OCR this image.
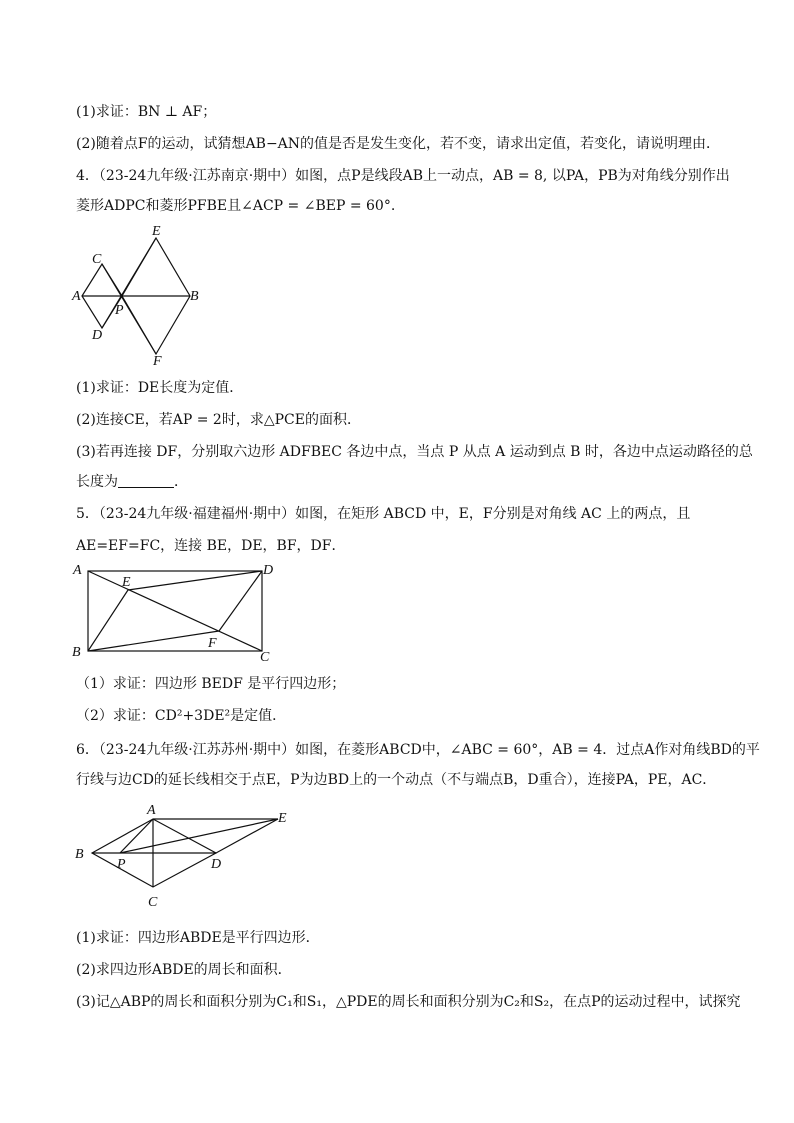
(1)求证：BN ⊥ AF；
(2)随着点F的运动，试猜想AB−AN的值是否是发生变化，若不变，请求出定值，若变化，请说明理由．
4．（23-24九年级·江苏南京·期中）如图，点P是线段AB上一动点，AB = 8, 以PA，PB为对角线分别作出
菱形ADPC和菱形PFBE且∠ACP = ∠BEP = 60°.
E
C
A
P
B
D
F
(1)求证：DE长度为定值．
(2)连接CE，若AP = 2时，求△PCE的面积．
(3)若再连接 DF，分别取六边形 ADFBEC 各边中点，当点 P 从点 A 运动到点 B 时，各边中点运动路径的总
长度为	．
5．（23-24九年级·福建福州·期中）如图，在矩形 ABCD 中，E，F分别是对角线 AC 上的两点，且
AE=EF=FC，连接 BE，DE，BF，DF．
A
E
D
F
B	C
（1）求证：四边形 BEDF 是平行四边形；
（2）求证：CD²+3DE²是定值．
6．（23-24九年级·江苏苏州·期中）如图，在菱形ABCD中，∠ABC = 60°，AB = 4．过点A作对角线BD的平
行线与边CD的延长线相交于点E，P为边BD上的一个动点（不与端点B，D重合），连接PA，PE，AC．
A
E
B
P	D
C
(1)求证：四边形ABDE是平行四边形．
(2)求四边形ABDE的周长和面积．
(3)记△ABP的周长和面积分别为C₁和S₁，△PDE的周长和面积分别为C₂和S₂，在点P的运动过程中，试探究
